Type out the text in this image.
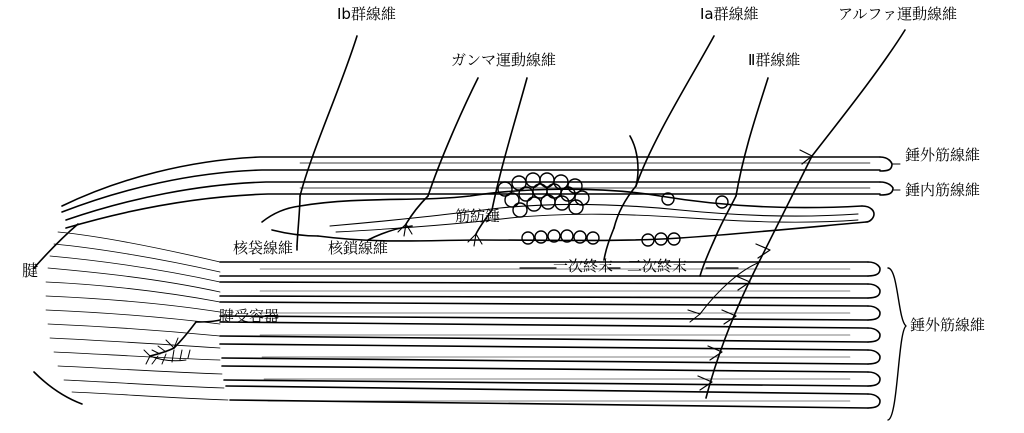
Ib群線維
ガンマ運動線維
Ia群線維	アルファ運動線維
Ⅱ群線維
錘外筋線維
錘内筋線維
筋紡錘
核袋線維 核鎖線維
一次終末 二次終末
腱
腱受容器	錘外筋線維
